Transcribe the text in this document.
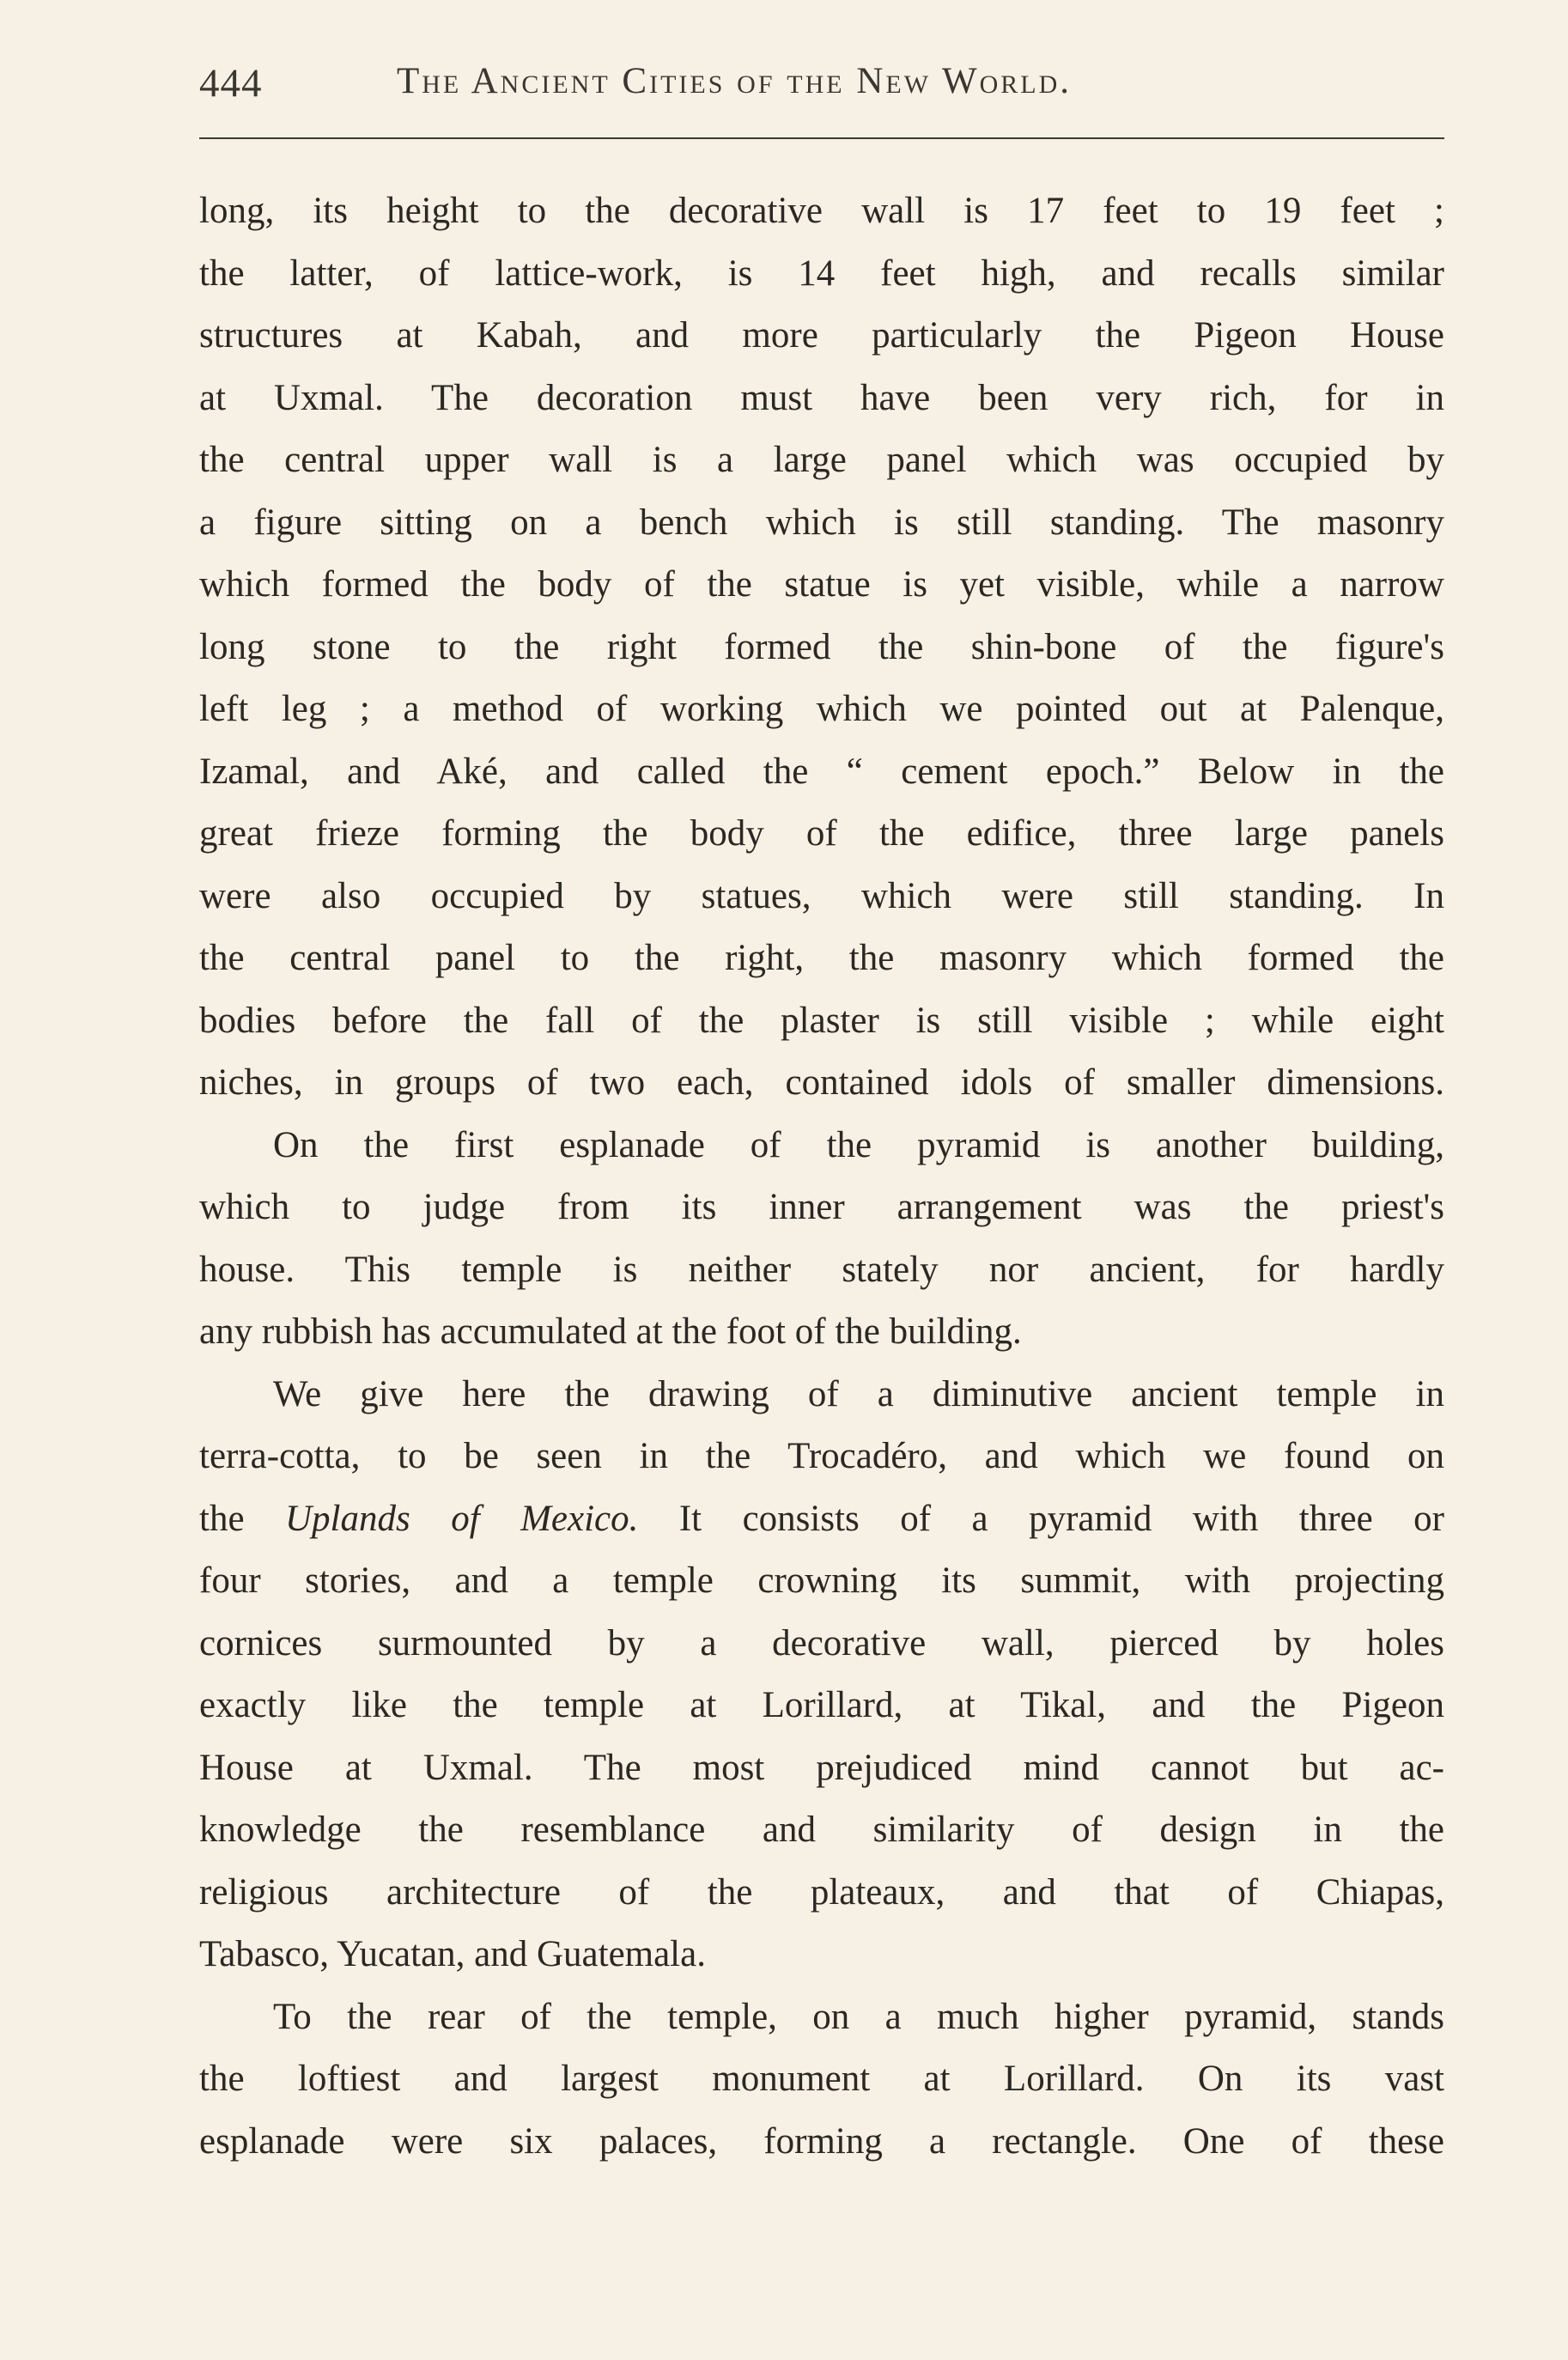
444	The Ancient Cities of the New World.
long, its height to the decorative wall is 17 feet to 19 feet ;
the latter, of lattice-work, is 14 feet high, and recalls similar
structures at Kabah, and more particularly the Pigeon House
at Uxmal. The decoration must have been very rich, for in
the central upper wall is a large panel which was occupied by
a figure sitting on a bench which is still standing. The masonry
which formed the body of the statue is yet visible, while a narrow
long stone to the right formed the shin-bone of the figure's
left leg ; a method of working which we pointed out at Palenque,
Izamal, and Aké, and called the “ cement epoch.” Below in the
great frieze forming the body of the edifice, three large panels
were also occupied by statues, which were still standing. In
the central panel to the right, the masonry which formed the
bodies before the fall of the plaster is still visible ; while eight
niches, in groups of two each, contained idols of smaller dimensions.
On the first esplanade of the pyramid is another building,
which to judge from its inner arrangement was the priest's
house. This temple is neither stately nor ancient, for hardly
any rubbish has accumulated at the foot of the building.
We give here the drawing of a diminutive ancient temple in
terra-cotta, to be seen in the Trocadéro, and which we found on
the Uplands of Mexico. It consists of a pyramid with three or
four stories, and a temple crowning its summit, with projecting
cornices surmounted by a decorative wall, pierced by holes
exactly like the temple at Lorillard, at Tikal, and the Pigeon
House at Uxmal. The most prejudiced mind cannot but ac-
knowledge the resemblance and similarity of design in the
religious architecture of the plateaux, and that of Chiapas,
Tabasco, Yucatan, and Guatemala.
To the rear of the temple, on a much higher pyramid, stands
the loftiest and largest monument at Lorillard. On its vast
esplanade were six palaces, forming a rectangle. One of these
